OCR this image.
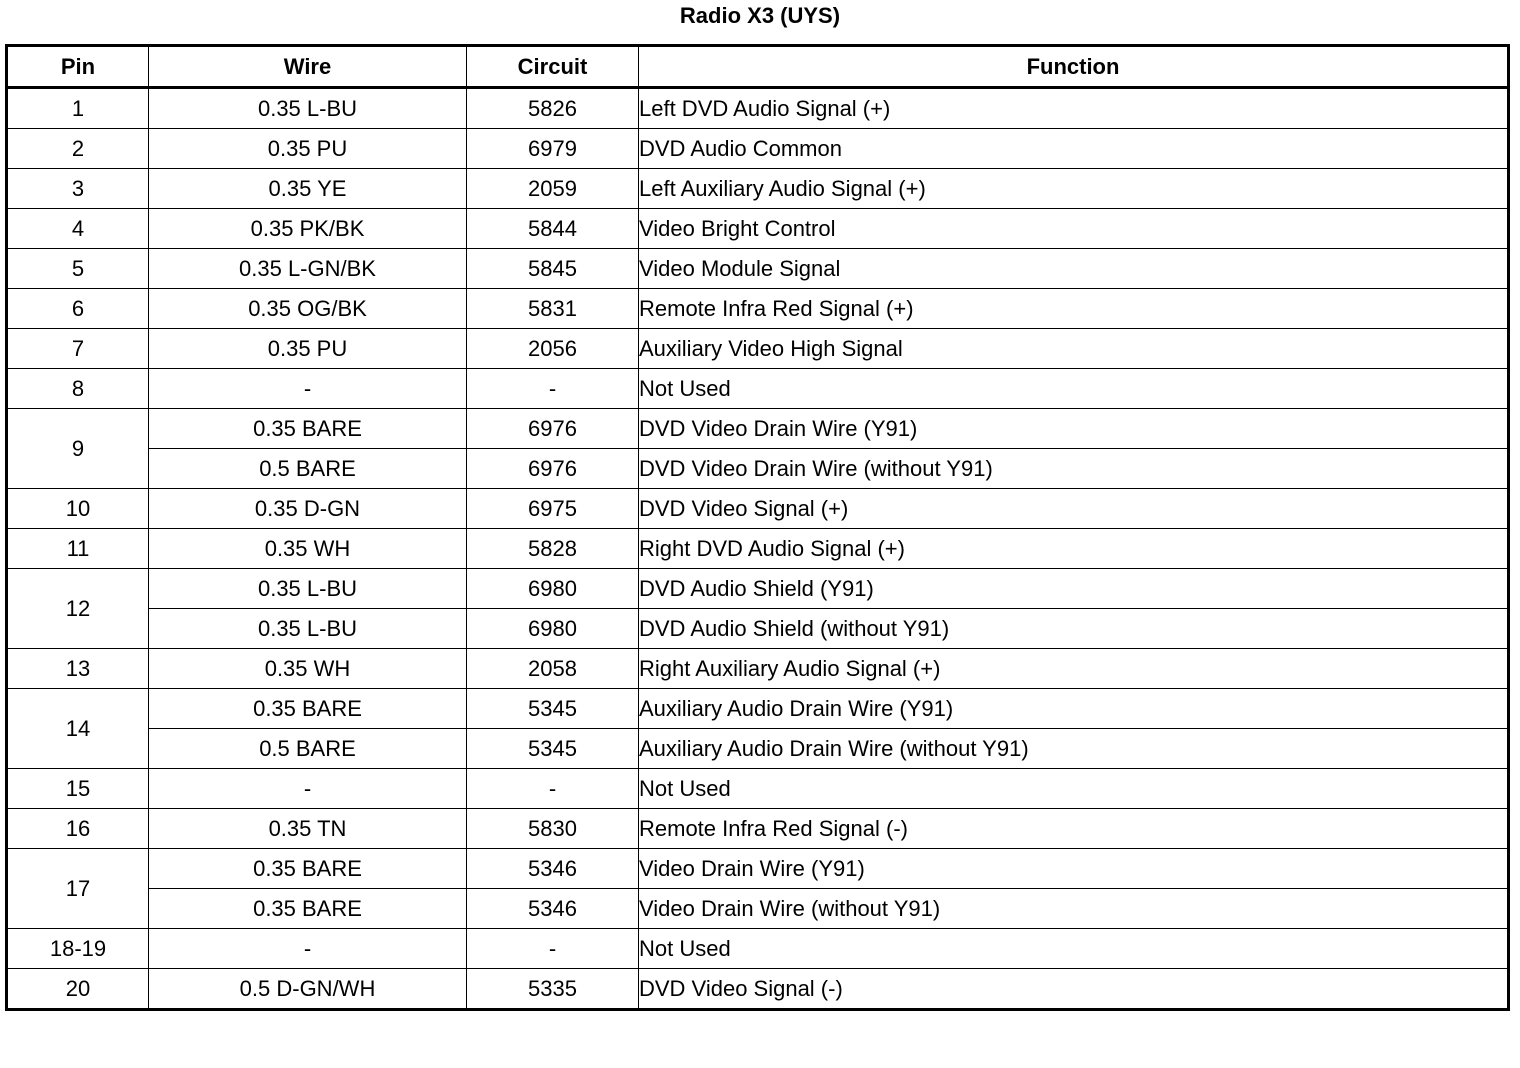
Radio X3 (UYS)
Pin	Wire	Circuit	Function
1	0.35 L-BU	5826	Left DVD Audio Signal (+)
2	0.35 PU	6979	DVD Audio Common
3	0.35 YE	2059	Left Auxiliary Audio Signal (+)
4	0.35 PK/BK	5844	Video Bright Control
5	0.35 L-GN/BK	5845	Video Module Signal
6	0.35 OG/BK	5831	Remote Infra Red Signal (+)
7	0.35 PU	2056	Auxiliary Video High Signal
8	-	-	Not Used
9	0.35 BARE	6976	DVD Video Drain Wire (Y91)
	0.5 BARE	6976	DVD Video Drain Wire (without Y91)
10	0.35 D-GN	6975	DVD Video Signal (+)
11	0.35 WH	5828	Right DVD Audio Signal (+)
12	0.35 L-BU	6980	DVD Audio Shield (Y91)
	0.35 L-BU	6980	DVD Audio Shield (without Y91)
13	0.35 WH	2058	Right Auxiliary Audio Signal (+)
14	0.35 BARE	5345	Auxiliary Audio Drain Wire (Y91)
	0.5 BARE	5345	Auxiliary Audio Drain Wire (without Y91)
15	-	-	Not Used
16	0.35 TN	5830	Remote Infra Red Signal (-)
17	0.35 BARE	5346	Video Drain Wire (Y91)
	0.35 BARE	5346	Video Drain Wire (without Y91)
18-19	-	-	Not Used
20	0.5 D-GN/WH	5335	DVD Video Signal (-)
